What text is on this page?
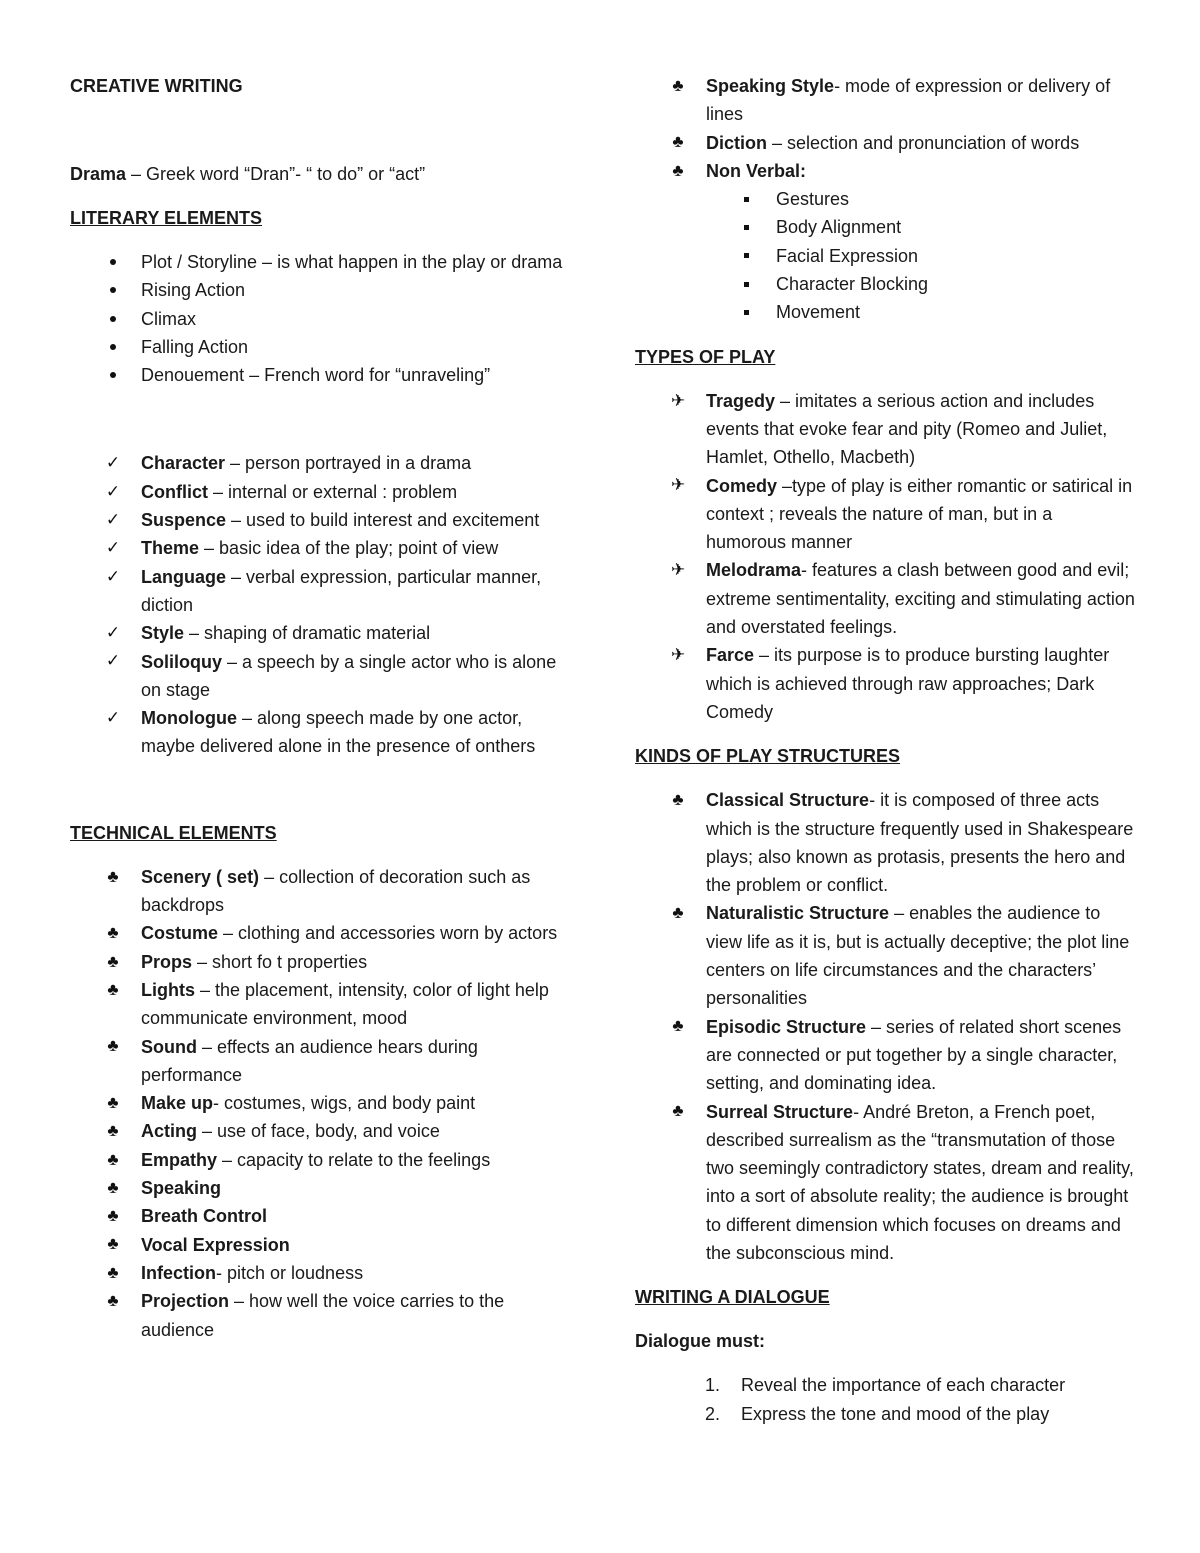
CREATIVE WRITING

Drama – Greek word “Dran”- “ to do” or “act”

LITERARY ELEMENTS

Plot / Storyline – is what happen in the play or drama
Rising Action
Climax
Falling Action
Denouement – French word for “unraveling”
✓ Character – person portrayed in a drama
✓ Conflict – internal or external : problem
✓ Suspence – used to build interest and excitement
✓ Theme – basic idea of the play; point of view
✓ Language – verbal expression, particular manner, diction
✓ Style – shaping of dramatic material
✓ Soliloquy – a speech by a single actor who is alone on stage
✓ Monologue – along speech made by one actor, maybe delivered alone in the presence of onthers

TECHNICAL ELEMENTS

♣	Scenery ( set) – collection of decoration such as backdrops
♣	Costume – clothing and accessories worn by actors
♣	Props – short fo t properties
♣	Lights – the placement, intensity, color of light help communicate environment, mood
♣	Sound – effects an audience hears during performance
♣	Make up- costumes, wigs, and body paint
♣	Acting – use of face, body, and voice
♣	Empathy – capacity to relate to the feelings
♣	Speaking
♣	Breath Control
♣	Vocal Expression
♣	Infection- pitch or loudness
♣	Projection – how well the voice carries to the audience
♣	Speaking Style- mode of expression or delivery of lines
♣	Diction – selection and pronunciation of words
♣	Non Verbal:
Gestures
Body Alignment
Facial Expression
Character Blocking
Movement

TYPES OF PLAY

✈ Tragedy – imitates a serious action and includes events that evoke fear and pity (Romeo and Juliet, Hamlet, Othello, Macbeth)
✈ Comedy –type of play is either romantic or satirical in context ; reveals the nature of man, but in a humorous manner
✈ Melodrama- features a clash between good and evil; extreme sentimentality, exciting and stimulating action and overstated feelings.
✈ Farce – its purpose is to produce bursting laughter which is achieved through raw approaches; Dark Comedy

KINDS OF PLAY STRUCTURES

♣	Classical Structure- it is composed of three acts which is the structure frequently used in Shakespeare plays; also known as protasis, presents the hero and the problem or conflict.
♣	Naturalistic Structure – enables the audience to view life as it is, but is actually deceptive; the plot line centers on life circumstances and the characters’ personalities
♣	Episodic Structure – series of related short scenes are connected or put together by a single character, setting, and dominating idea.
♣	Surreal Structure- André Breton, a French poet, described surrealism as the “transmutation of those two seemingly contradictory states, dream and reality, into a sort of absolute reality; the audience is brought to different dimension which focuses on dreams and the subconscious mind.

WRITING A DIALOGUE

Dialogue must:

1. Reveal the importance of each character
2. Express the tone and mood of the play
